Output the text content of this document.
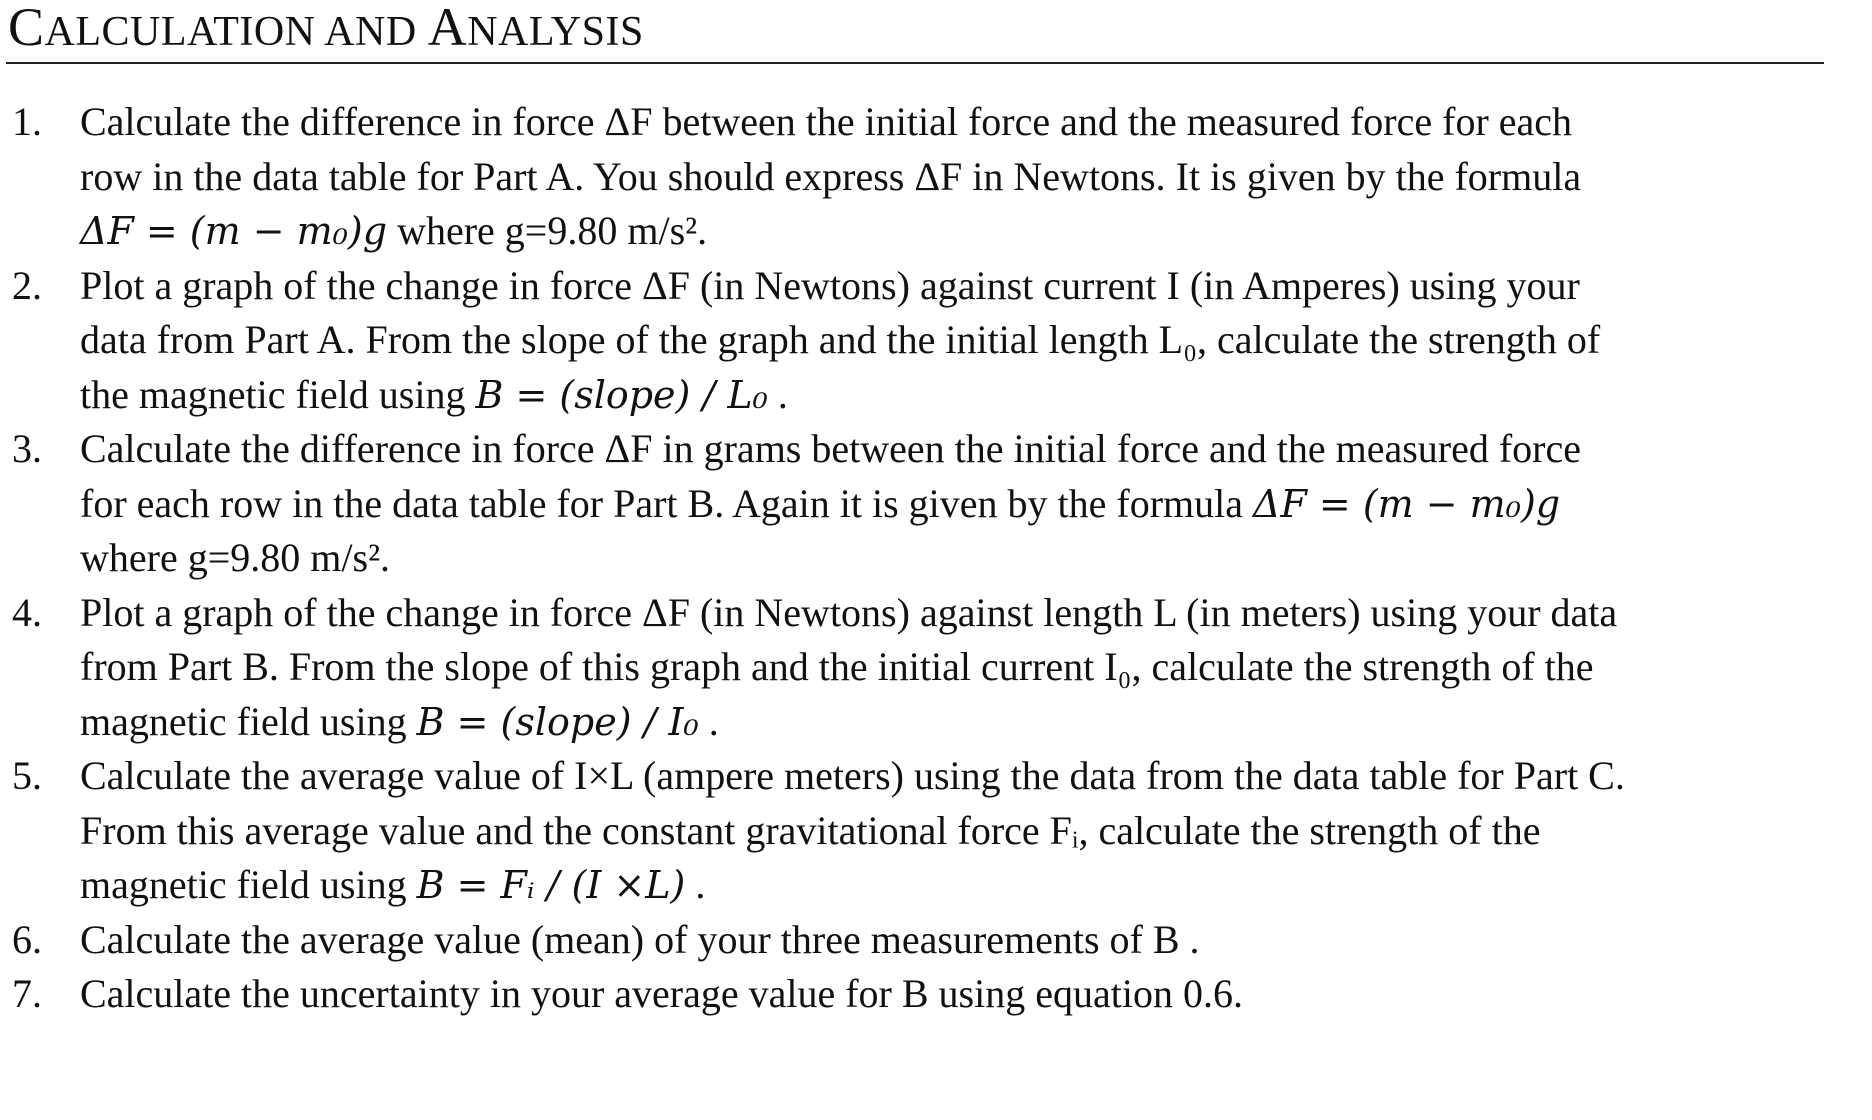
CALCULATION AND ANALYSIS
1. Calculate the difference in force ΔF between the initial force and the measured force for each
row in the data table for Part A. You should express ΔF in Newtons. It is given by the formula
ΔF = (m − m₀)g where g=9.80 m/s².
2. Plot a graph of the change in force ΔF (in Newtons) against current I (in Amperes) using your
data from Part A. From the slope of the graph and the initial length L₀, calculate the strength of
the magnetic field using B = (slope) / L₀ .
3. Calculate the difference in force ΔF in grams between the initial force and the measured force
for each row in the data table for Part B. Again it is given by the formula ΔF = (m − m₀)g
where g=9.80 m/s².
4. Plot a graph of the change in force ΔF (in Newtons) against length L (in meters) using your data
from Part B. From the slope of this graph and the initial current I₀, calculate the strength of the
magnetic field using B = (slope) / I₀ .
5. Calculate the average value of I×L (ampere meters) using the data from the data table for Part C.
From this average value and the constant gravitational force Fᵢ, calculate the strength of the
magnetic field using B = Fᵢ / (I ×L) .
6. Calculate the average value (mean) of your three measurements of B .
7. Calculate the uncertainty in your average value for B using equation 0.6.
